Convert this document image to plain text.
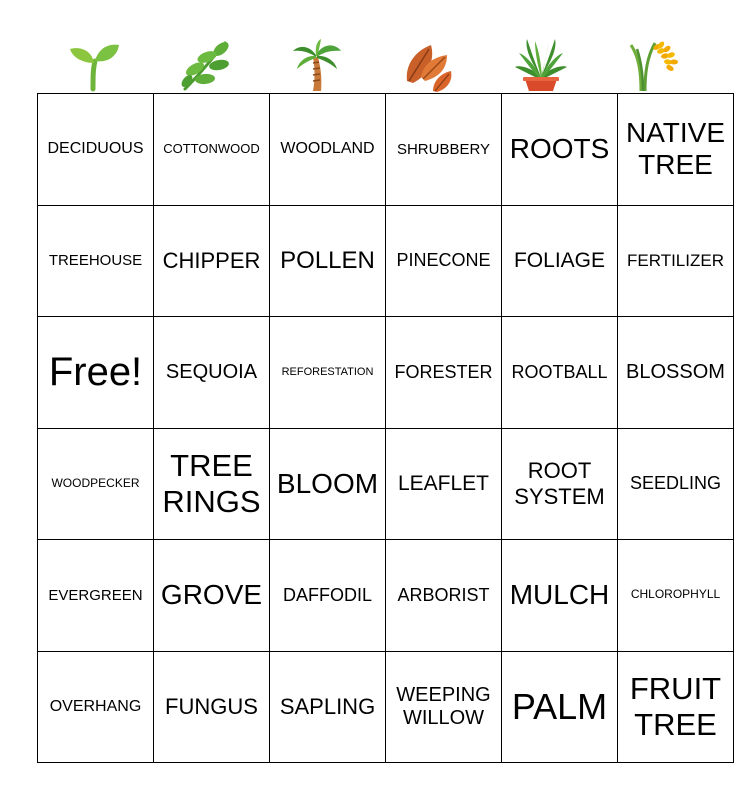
DECIDUOUS	COTTONWOOD	WOODLAND	SHRUBBERY	ROOTS	NATIVE TREE
TREEHOUSE	CHIPPER	POLLEN	PINECONE	FOLIAGE	FERTILIZER
Free!	SEQUOIA	REFORESTATION	FORESTER	ROOTBALL	BLOSSOM
WOODPECKER	TREE RINGS	BLOOM	LEAFLET	ROOT SYSTEM	SEEDLING
EVERGREEN	GROVE	DAFFODIL	ARBORIST	MULCH	CHLOROPHYLL
OVERHANG	FUNGUS	SAPLING	WEEPING WILLOW	PALM	FRUIT TREE
